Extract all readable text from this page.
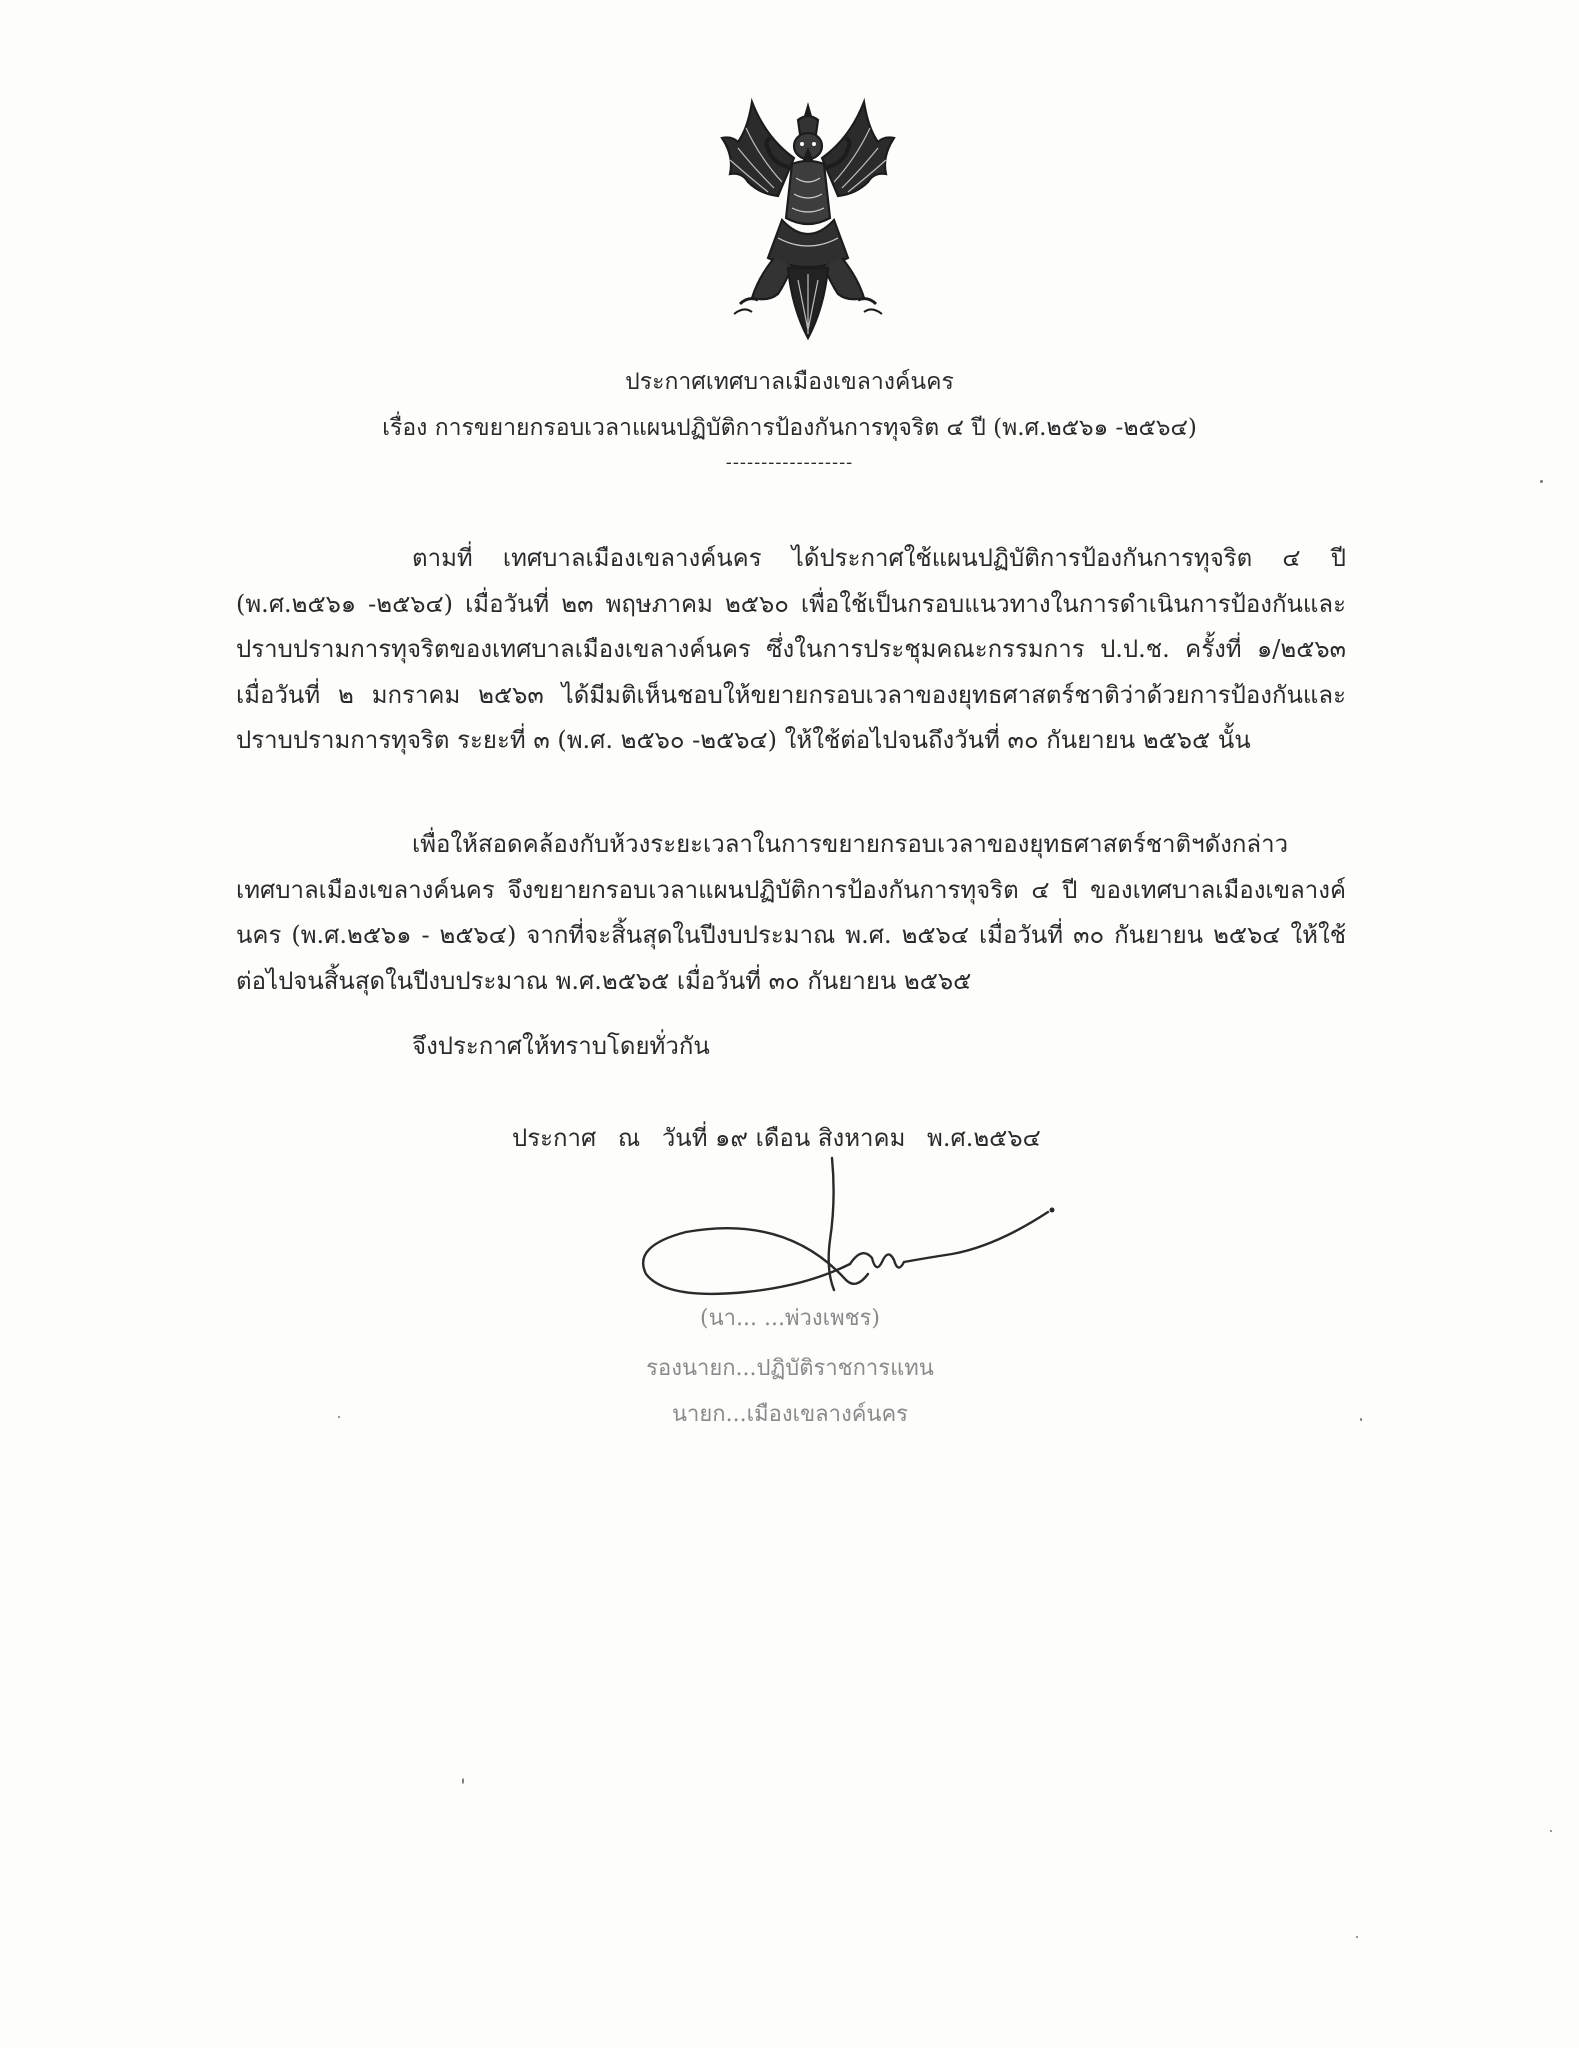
ประกาศเทศบาลเมืองเขลางค์นคร
เรื่อง การขยายกรอบเวลาแผนปฏิบัติการป้องกันการทุจริต ๔ ปี (พ.ศ.๒๕๖๑ -๒๕๖๔)
------------------

ตามที่ เทศบาลเมืองเขลางค์นคร ได้ประกาศใช้แผนปฏิบัติการป้องกันการทุจริต ๔ ปี (พ.ศ.๒๕๖๑ -๒๕๖๔) เมื่อวันที่ ๒๓ พฤษภาคม ๒๕๖๐ เพื่อใช้เป็นกรอบแนวทางในการดำเนินการป้องกันและปราบปรามการทุจริตของเทศบาลเมืองเขลางค์นคร ซึ่งในการประชุมคณะกรรมการ ป.ป.ช. ครั้งที่ ๑/๒๕๖๓ เมื่อวันที่ ๒ มกราคม ๒๕๖๓ ได้มีมติเห็นชอบให้ขยายกรอบเวลาของยุทธศาสตร์ชาติว่าด้วยการป้องกันและปราบปรามการทุจริต ระยะที่ ๓ (พ.ศ. ๒๕๖๐ -๒๕๖๔) ให้ใช้ต่อไปจนถึงวันที่ ๓๐ กันยายน ๒๕๖๕ นั้น

เพื่อให้สอดคล้องกับห้วงระยะเวลาในการขยายกรอบเวลาของยุทธศาสตร์ชาติฯดังกล่าว เทศบาลเมืองเขลางค์นคร จึงขยายกรอบเวลาแผนปฏิบัติการป้องกันการทุจริต ๔ ปี ของเทศบาลเมืองเขลางค์นคร (พ.ศ.๒๕๖๑ - ๒๕๖๔) จากที่จะสิ้นสุดในปีงบประมาณ พ.ศ. ๒๕๖๔ เมื่อวันที่ ๓๐ กันยายน ๒๕๖๔ ให้ใช้ต่อไปจนสิ้นสุดในปีงบประมาณ พ.ศ.๒๕๖๕ เมื่อวันที่ ๓๐ กันยายน ๒๕๖๕

จึงประกาศให้ทราบโดยทั่วกัน
ประกาศ ณ วันที่ ๑๙ เดือน สิงหาคม พ.ศ.๒๕๖๔
(นา... ...พ่วงเพชร)
รองนายก...ปฏิบัติราชการแทน
นายก...เมืองเขลางค์นคร
